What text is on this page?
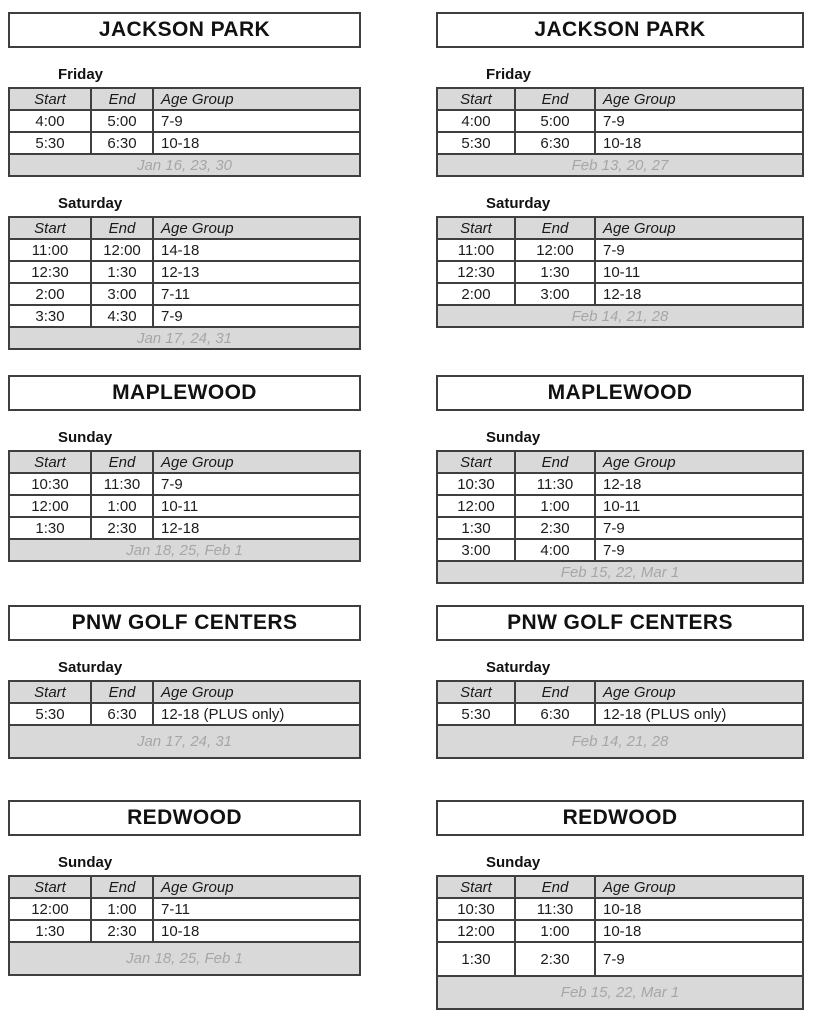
JACKSON PARK
Friday
Start	End	Age Group
4:00	5:00	7-9
5:30	6:30	10-18
Jan 16, 23, 30		
Saturday
Start	End	Age Group
11:00	12:00	14-18
12:30	1:30	12-13
2:00	3:00	7-11
3:30	4:30	7-9
Jan 17, 24, 31		
MAPLEWOOD
Sunday
Start	End	Age Group
10:30	11:30	7-9
12:00	1:00	10-11
1:30	2:30	12-18
Jan 18, 25, Feb 1		
PNW GOLF CENTERS
Saturday
Start	End	Age Group
5:30	6:30	12-18 (PLUS only)
Jan 17, 24, 31		
REDWOOD
Sunday
Start	End	Age Group
12:00	1:00	7-11
1:30	2:30	10-18
Jan 18, 25, Feb 1		
JACKSON PARK
Friday
Start	End	Age Group
4:00	5:00	7-9
5:30	6:30	10-18
Feb 13, 20, 27		
Saturday
Start	End	Age Group
11:00	12:00	7-9
12:30	1:30	10-11
2:00	3:00	12-18
Feb 14, 21, 28		
MAPLEWOOD
Sunday
Start	End	Age Group
10:30	11:30	12-18
12:00	1:00	10-11
1:30	2:30	7-9
3:00	4:00	7-9
Feb 15, 22, Mar 1		
PNW GOLF CENTERS
Saturday
Start	End	Age Group
5:30	6:30	12-18 (PLUS only)
Feb 14, 21, 28		
REDWOOD
Sunday
Start	End	Age Group
10:30	11:30	10-18
12:00	1:00	10-18
1:30	2:30	7-9
Feb 15, 22, Mar 1		
